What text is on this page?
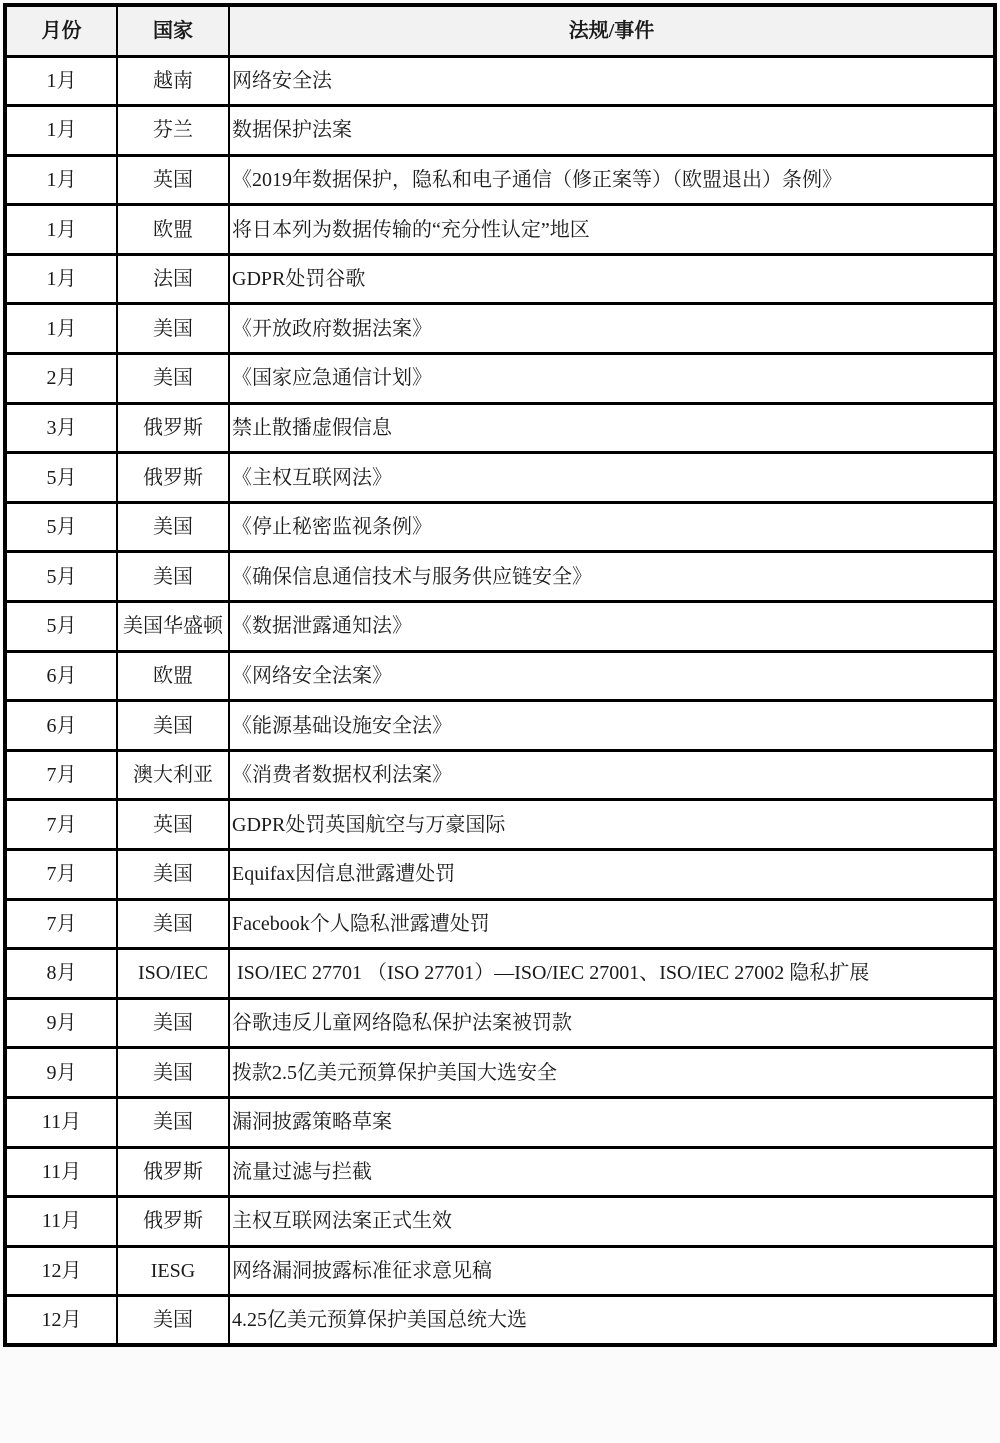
月份	国家	法规/事件
1月	越南	网络安全法
1月	芬兰	数据保护法案
1月	英国	《2019年数据保护，隐私和电子通信（修正案等）（欧盟退出）条例》
1月	欧盟	将日本列为数据传输的“充分性认定”地区
1月	法国	GDPR处罚谷歌
1月	美国	《开放政府数据法案》
2月	美国	《国家应急通信计划》
3月	俄罗斯	禁止散播虚假信息
5月	俄罗斯	《主权互联网法》
5月	美国	《停止秘密监视条例》
5月	美国	《确保信息通信技术与服务供应链安全》
5月	美国华盛顿	《数据泄露通知法》
6月	欧盟	《网络安全法案》
6月	美国	《能源基础设施安全法》
7月	澳大利亚	《消费者数据权利法案》
7月	英国	GDPR处罚英国航空与万豪国际
7月	美国	Equifax因信息泄露遭处罚
7月	美国	Facebook个人隐私泄露遭处罚
8月	ISO/IEC	ISO/IEC 27701 （ISO 27701）—ISO/IEC 27001、ISO/IEC 27002 隐私扩展
9月	美国	谷歌违反儿童网络隐私保护法案被罚款
9月	美国	拨款2.5亿美元预算保护美国大选安全
11月	美国	漏洞披露策略草案
11月	俄罗斯	流量过滤与拦截
11月	俄罗斯	主权互联网法案正式生效
12月	IESG	网络漏洞披露标准征求意见稿
12月	美国	4.25亿美元预算保护美国总统大选
